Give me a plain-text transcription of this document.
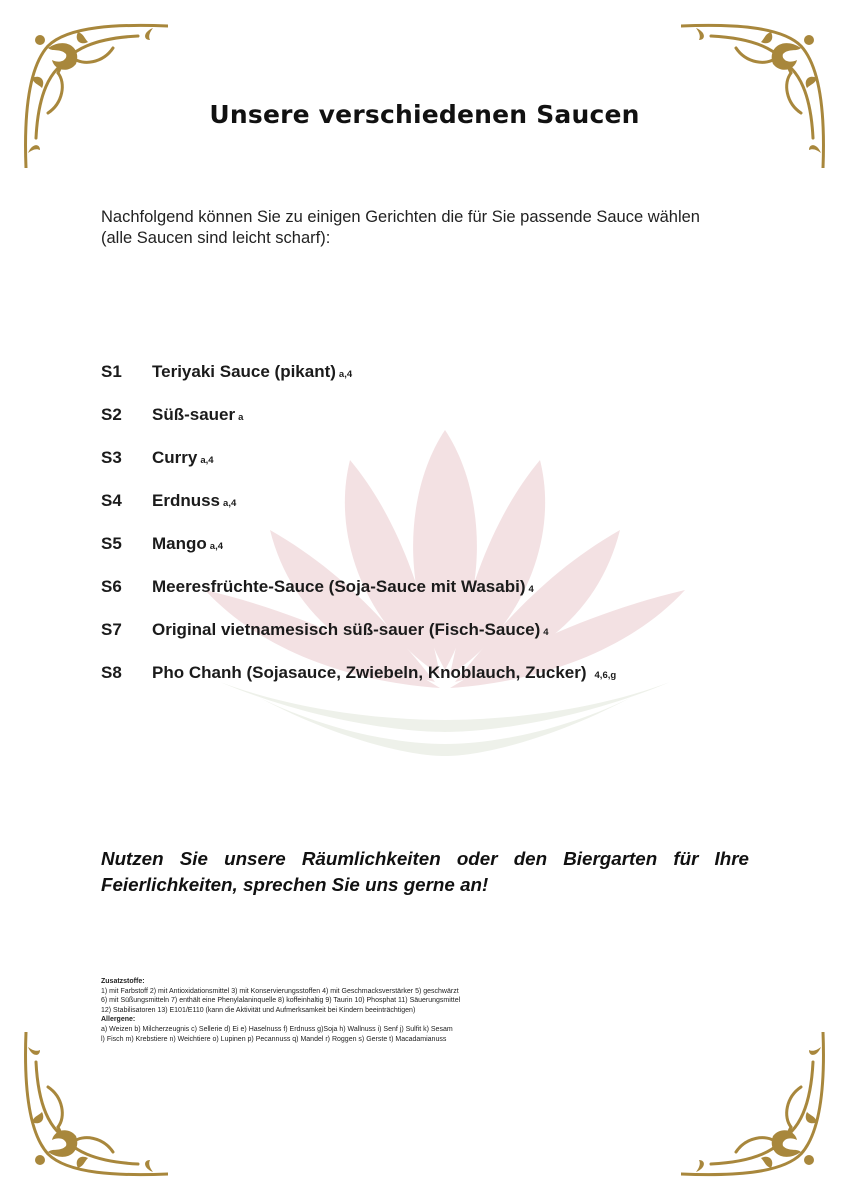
Unsere verschiedenen Saucen
Nachfolgend können Sie zu einigen Gerichten die für Sie passende Sauce wählen
(alle Saucen sind leicht scharf):
S1	Teriyaki Sauce (pikant) a,4
S2	Süß-sauer a
S3	Curry a,4
S4	Erdnuss a,4
S5	Mango a,4
S6	Meeresfrüchte-Sauce (Soja-Sauce mit Wasabi) 4
S7	Original vietnamesisch süß-sauer (Fisch-Sauce) 4
S8	Pho Chanh (Sojasauce, Zwiebeln, Knoblauch, Zucker) 4,6,g
Nutzen Sie unsere Räumlichkeiten oder den Biergarten für Ihre Feierlichkeiten, sprechen Sie uns gerne an!
Zusatzstoffe:
1) mit Farbstoff 2) mit Antioxidationsmittel 3) mit Konservierungsstoffen 4) mit Geschmacksverstärker 5) geschwärzt
6) mit Süßungsmitteln 7) enthält eine Phenylalaninquelle 8) koffeinhaltig 9) Taurin 10) Phosphat 11) Säuerungsmittel
12) Stabilisatoren 13) E101/E110 (kann die Aktivität und Aufmerksamkeit bei Kindern beeinträchtigen)
Allergene:
a) Weizen b) Milcherzeugnis c) Sellerie d) Ei e) Haselnuss f) Erdnuss g)Soja h) Wallnuss i) Senf j) Sulfit k) Sesam
l) Fisch m) Krebstiere n) Weichtiere o) Lupinen p) Pecannuss q) Mandel r) Roggen s) Gerste t) Macadamianuss
